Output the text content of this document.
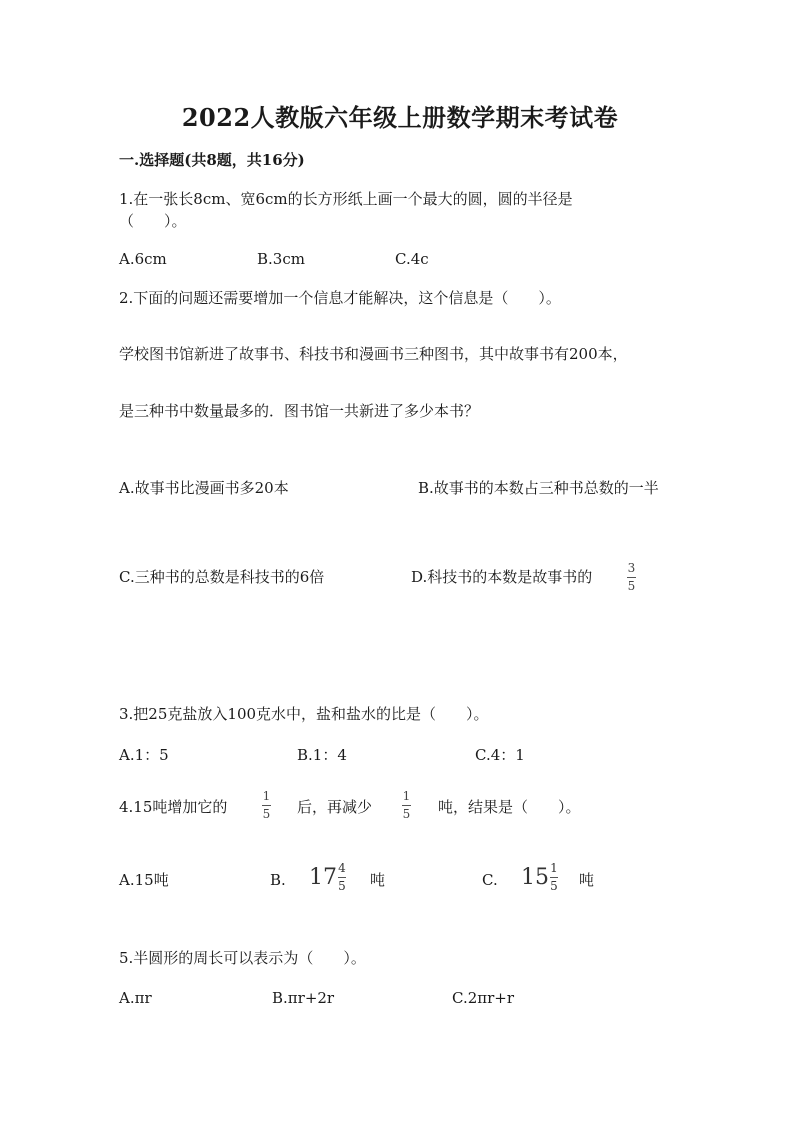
2022人教版六年级上册数学期末考试卷
一.选择题(共8题，共16分)
1.在一张长8cm、宽6cm的长方形纸上画一个最大的圆，圆的半径是
（　　）。
A.6cm	B.3cm	C.4c
2.下面的问题还需要增加一个信息才能解决，这个信息是（　　）。
学校图书馆新进了故事书、科技书和漫画书三种图书，其中故事书有200本，
是三种书中数量最多的．图书馆一共新进了多少本书？
A.故事书比漫画书多20本	B.故事书的本数占三种书总数的一半
C.三种书的总数是科技书的6倍	D.科技书的本数是故事书的	3
5
3.把25克盐放入100克水中，盐和盐水的比是（　　）。
A.1：5	B.1：4	C.4：1
4.15吨增加它的
1
5 后，再减少
1
5 吨，结果是（　　）。
A.15吨	B. $17 \frac{4}{5}$ 吨	C. $15 \frac{1}{5}$ 吨
5.半圆形的周长可以表示为（　　）。
A.πr	B.πr+2r	C.2πr+r
